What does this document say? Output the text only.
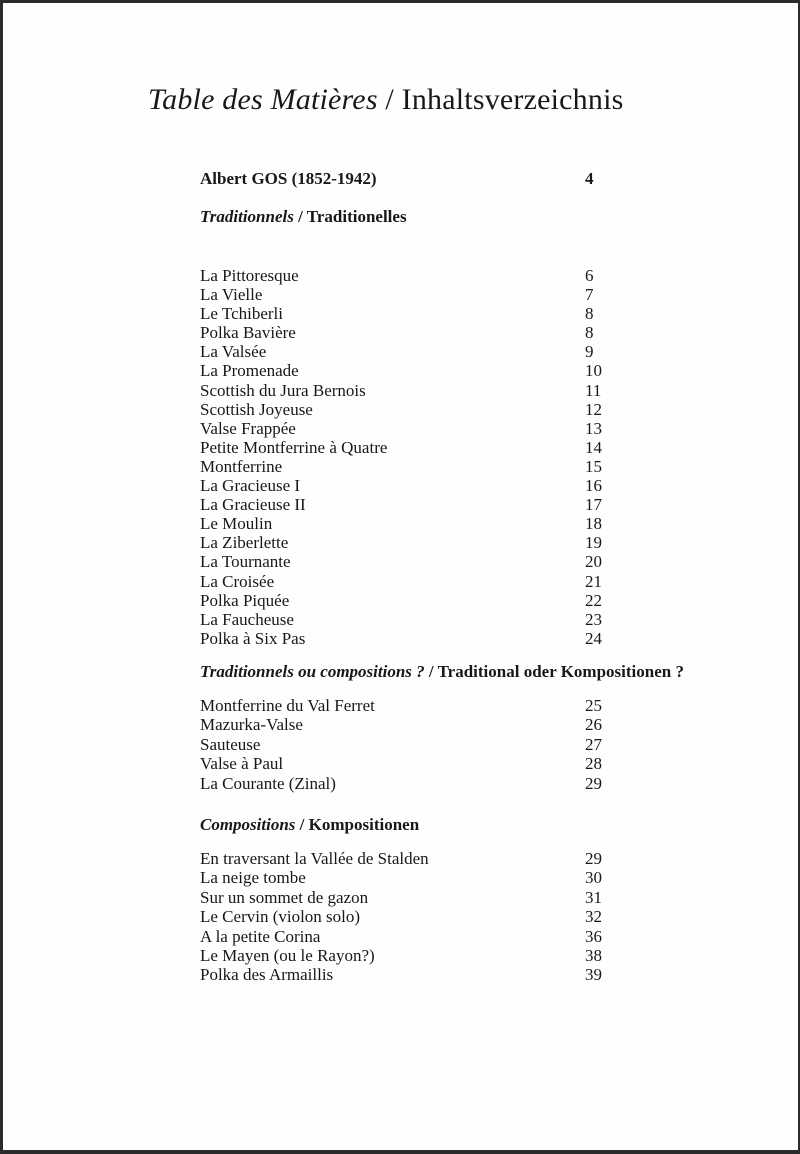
Table des Matières / Inhaltsverzeichnis
Albert GOS (1852-1942)	4
Traditionnels / Traditionelles
La Pittoresque	6
La Vielle	7
Le Tchiberli	8
Polka Bavière	8
La Valsée	9
La Promenade	10
Scottish du Jura Bernois	11
Scottish Joyeuse	12
Valse Frappée	13
Petite Montferrine à Quatre	14
Montferrine	15
La Gracieuse I	16
La Gracieuse II	17
Le Moulin	18
La Ziberlette	19
La Tournante	20
La Croisée	21
Polka Piquée	22
La Faucheuse	23
Polka à Six Pas	24
Traditionnels ou compositions ? / Traditional oder Kompositionen ?
Montferrine du Val Ferret	25
Mazurka-Valse	26
Sauteuse	27
Valse à Paul	28
La Courante (Zinal)	29
Compositions / Kompositionen
En traversant la Vallée de Stalden	29
La neige tombe	30
Sur un sommet de gazon	31
Le Cervin (violon solo)	32
A la petite Corina	36
Le Mayen (ou le Rayon?)	38
Polka des Armaillis	39
